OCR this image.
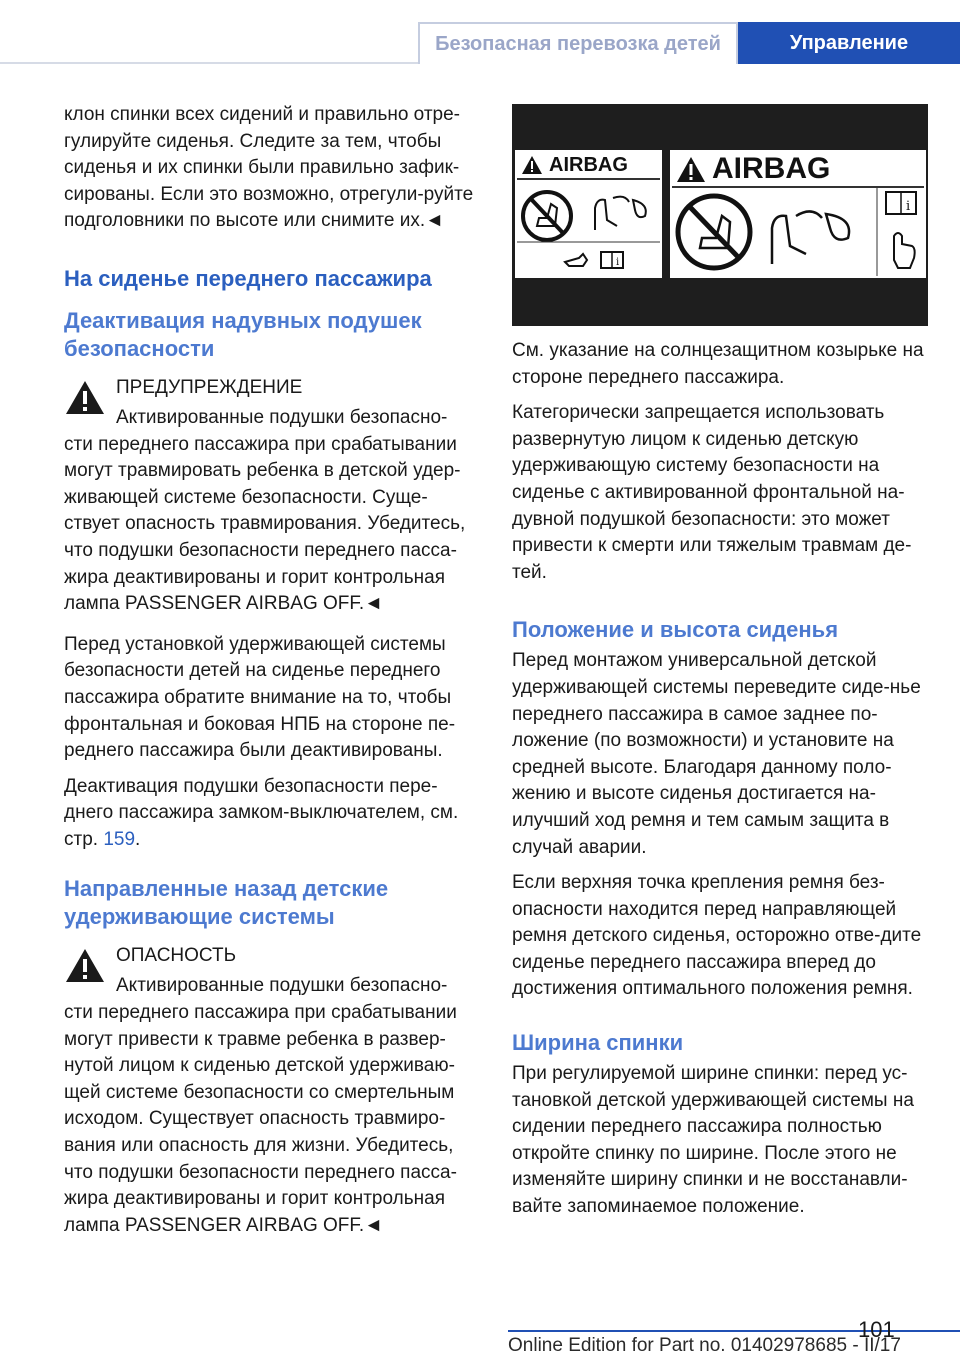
Безопасная перевозка детей	Управление

клон спинки всех сидений и правильно отре-гулируйте сиденья. Следите за тем, чтобы сиденья и их спинки были правильно зафик-сированы. Если это возможно, отрегули-руйте подголовники по высоте или снимите их.◄

На сиденье переднего пассажира
Деактивация надувных подушек безопасности
ПРЕДУПРЕЖДЕНИЕ
Активированные подушки безопасно-
сти переднего пассажира при срабатывании могут травмировать ребенка в детской удер-живающей системе безопасности. Суще-ствует опасность травмирования. Убедитесь, что подушки безопасности переднего пасса-жира деактивированы и горит контрольная лампа PASSENGER AIRBAG OFF.◄

Перед установкой удерживающей системы безопасности детей на сиденье переднего пассажира обратите внимание на то, чтобы фронтальная и боковая НПБ на стороне пе-реднего пассажира были деактивированы.

Деактивация подушки безопасности пере-днего пассажира замком-выключателем, см. стр. 159.

Направленные назад детские удерживающие системы
ОПАСНОСТЬ
Активированные подушки безопасно-
сти переднего пассажира при срабатывании могут привести к травме ребенка в развер-нутой лицом к сиденью детской удерживаю-щей системе безопасности со смертельным исходом. Существует опасность травмиро-вания или опасность для жизни. Убедитесь, что подушки безопасности переднего пасса-жира деактивированы и горит контрольная лампа PASSENGER AIRBAG OFF.◄
AIRBAG
i
AIRBAG
i

См. указание на солнцезащитном козырьке на стороне переднего пассажира.

Категорически запрещается использовать развернутую лицом к сиденью детскую удерживающую систему безопасности на сиденье с активированной фронтальной на-дувной подушкой безопасности: это может привести к смерти или тяжелым травмам де-тей.

Положение и высота сиденья

Перед монтажом универсальной детской удерживающей системы переведите сиде-нье переднего пассажира в самое заднее по-ложение (по возможности) и установите на средней высоте. Благодаря данному поло-жению и высоте сиденья достигается на-илучший ход ремня и тем самым защита в случай аварии.

Если верхняя точка крепления ремня без-опасности находится перед направляющей ремня детского сиденья, осторожно отве-дите сиденье переднего пассажира вперед до достижения оптимального положения ремня.

Ширина спинки

При регулируемой ширине спинки: перед ус-тановкой детской удерживающей системы на сидении переднего пассажира полностью откройте спинку по ширине. После этого не изменяйте ширину спинки и не восстанавли-вайте запоминаемое положение.

101
Online Edition for Part no. 01402978685 - II/17
